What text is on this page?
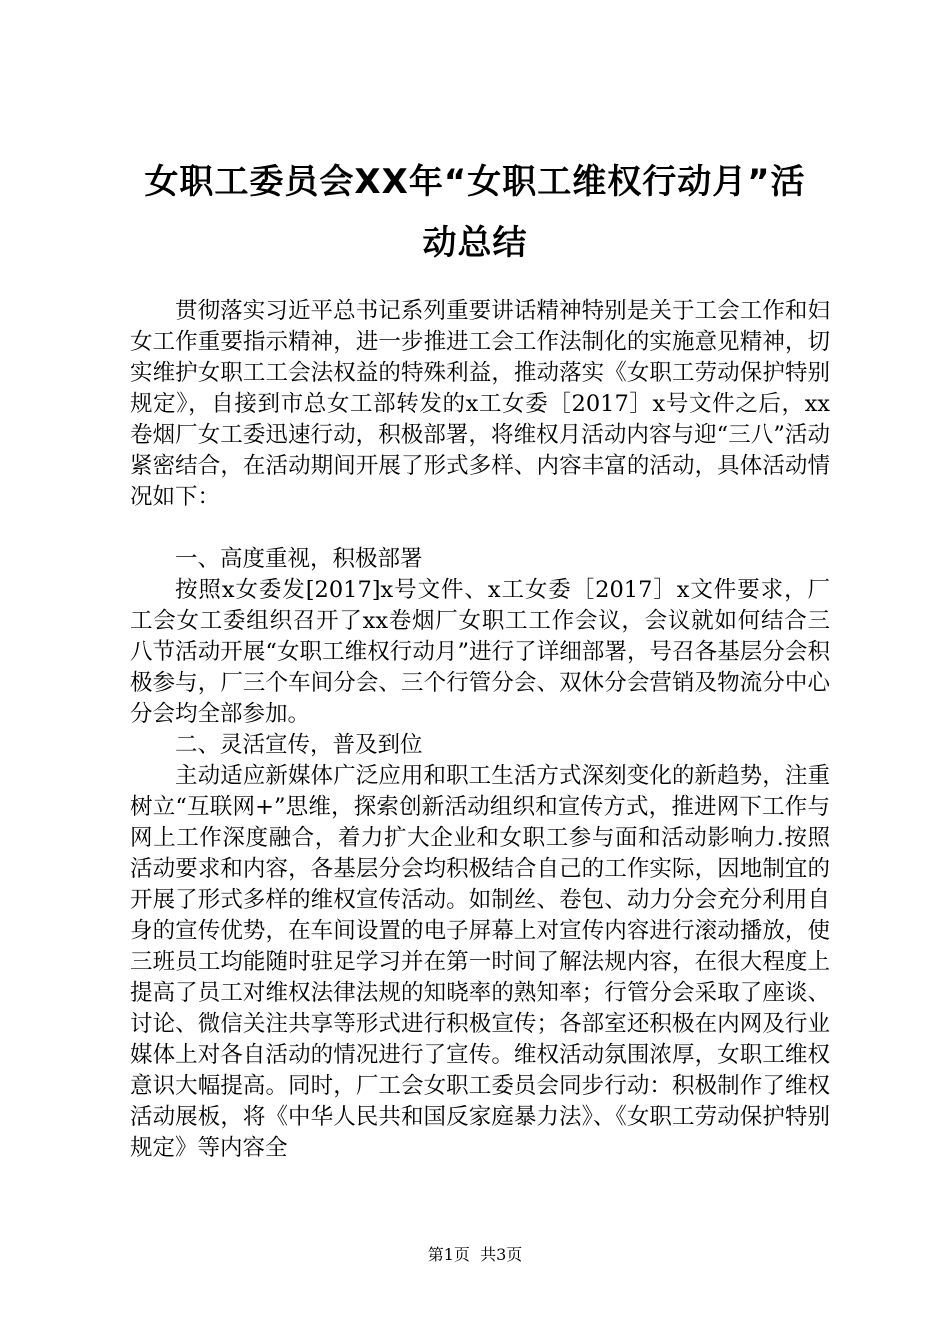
女职工委员会XX年“女职工维权行动月”活
动总结

贯彻落实习近平总书记系列重要讲话精神特别是关于工会工作和妇女工作重要指示精神，进一步推进工会工作法制化的实施意见精神，切实维护女职工工会法权益的特殊利益，推动落实《女职工劳动保护特别规定》，自接到市总女工部转发的x工女委［2017］x号文件之后，xx卷烟厂女工委迅速行动，积极部署，将维权月活动内容与迎“三八”活动紧密结合，在活动期间开展了形式多样、内容丰富的活动，具体活动情况如下：

一、高度重视，积极部署

按照x女委发[2017]x号文件、x工女委［2017］x文件要求，厂工会女工委组织召开了xx卷烟厂女职工工作会议，会议就如何结合三八节活动开展“女职工维权行动月”进行了详细部署，号召各基层分会积极参与，厂三个车间分会、三个行管分会、双休分会营销及物流分中心分会均全部参加。

二、灵活宣传，普及到位

主动适应新媒体广泛应用和职工生活方式深刻变化的新趋势，注重树立“互联网+”思维，探索创新活动组织和宣传方式，推进网下工作与网上工作深度融合，着力扩大企业和女职工参与面和活动影响力.按照活动要求和内容，各基层分会均积极结合自己的工作实际，因地制宜的开展了形式多样的维权宣传活动。如制丝、卷包、动力分会充分利用自身的宣传优势，在车间设置的电子屏幕上对宣传内容进行滚动播放，使三班员工均能随时驻足学习并在第一时间了解法规内容，在很大程度上提高了员工对维权法律法规的知晓率的熟知率；行管分会采取了座谈、讨论、微信关注共享等形式进行积极宣传；各部室还积极在内网及行业媒体上对各自活动的情况进行了宣传。维权活动氛围浓厚，女职工维权意识大幅提高。同时，厂工会女职工委员会同步行动：积极制作了维权活动展板，将《中华人民共和国反家庭暴力法》、《女职工劳动保护特别规定》等内容全

第1页  共3页
